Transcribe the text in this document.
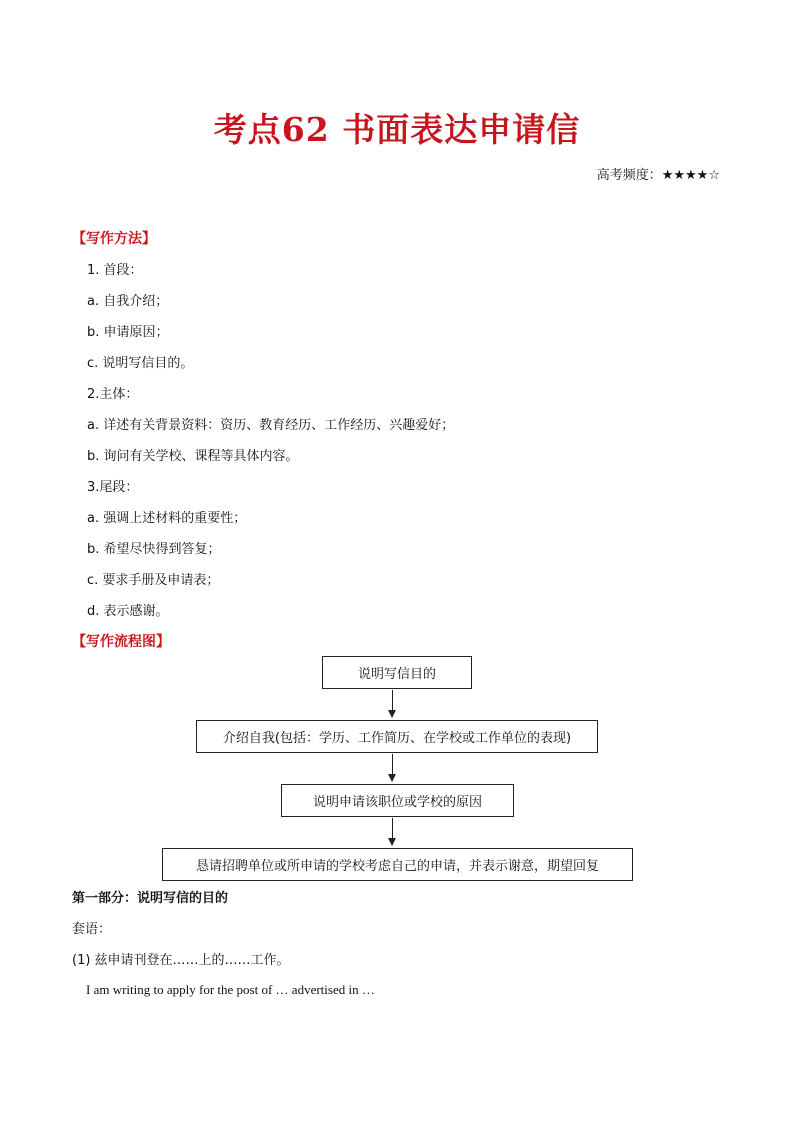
考点62 书面表达申请信
高考频度：★★★★☆
【写作方法】
1. 首段：
a. 自我介绍；
b. 申请原因；
c. 说明写信目的。
2.主体：
a. 详述有关背景资料：资历、教育经历、工作经历、兴趣爱好；
b. 询问有关学校、课程等具体内容。
3.尾段：
a. 强调上述材料的重要性；
b. 希望尽快得到答复；
c. 要求手册及申请表；
d. 表示感谢。
【写作流程图】
说明写信目的
介绍自我(包括：学历、工作简历、在学校或工作单位的表现)
说明申请该职位或学校的原因
恳请招聘单位或所申请的学校考虑自己的申请，并表示谢意，期望回复
第一部分：说明写信的目的
套语：
(1) 兹申请刊登在……上的……工作。
I am writing to apply for the post of … advertised in …
